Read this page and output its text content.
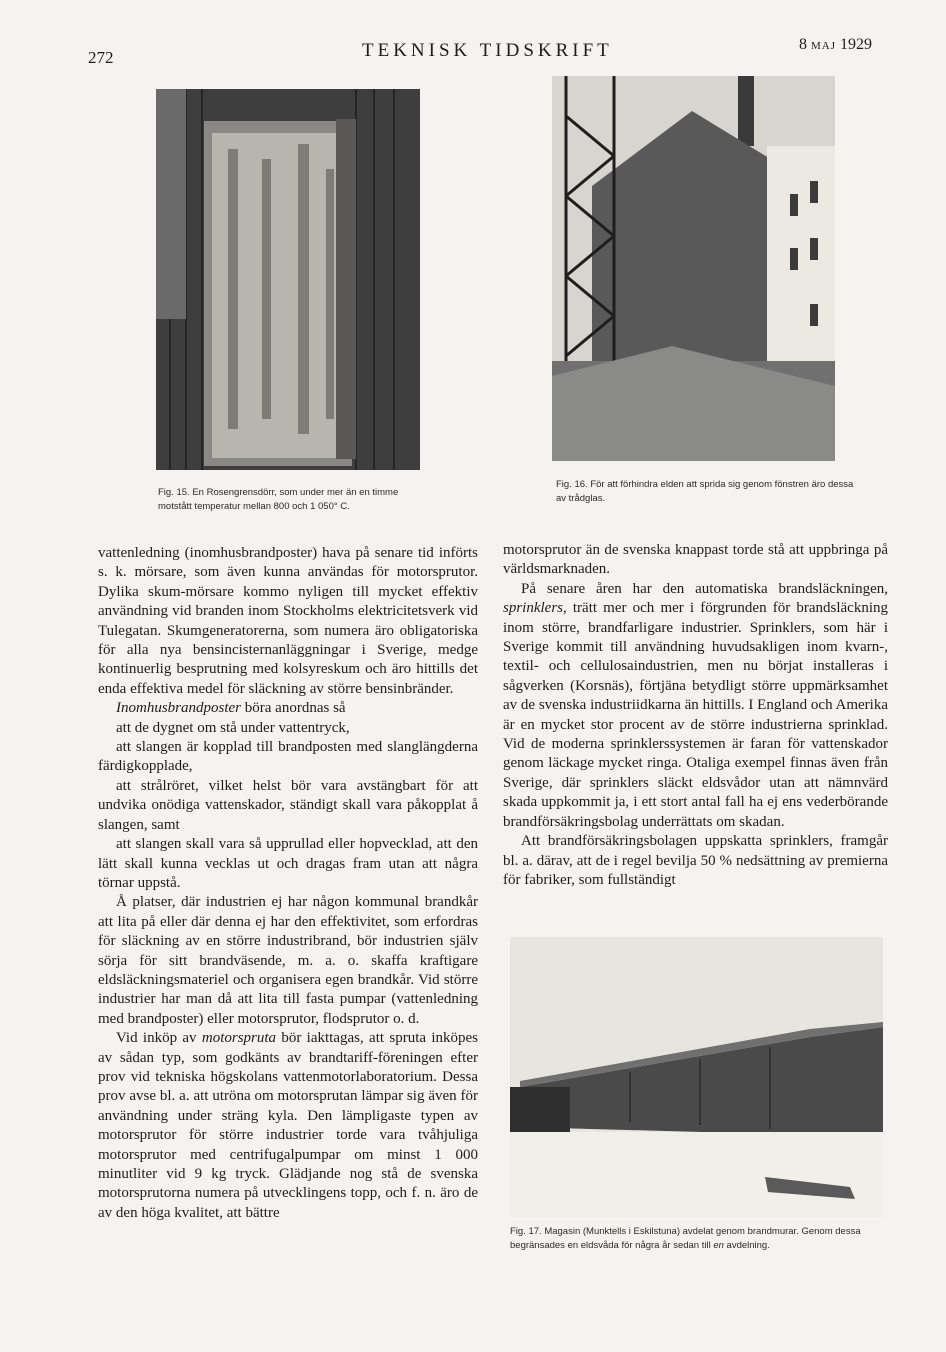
272	TEKNISK TIDSKRIFT	8 MAJ 1929
Fig. 15. En Rosengrensdörr, som under mer än en timme motstått temperatur mellan 800 och 1 050° C.
Fig. 16. För att förhindra elden att sprida sig genom fönstren äro dessa av trådglas.
Fig. 17. Magasin (Munktells i Eskilstuna) avdelat genom brandmurar. Genom dessa begränsades en eldsvåda för några år sedan till en avdelning.

vattenledning (inomhusbrandposter) hava på senare tid införts s. k. mörsare, som även kunna användas för motorsprutor. Dylika skum-mörsare kommo nyligen till mycket effektiv användning vid branden inom Stockholms elektricitetsverk vid Tulegatan. Skumgeneratorerna, som numera äro obligatoriska för alla nya bensincisternanläggningar i Sverige, medge kontinuerlig besprutning med kolsyreskum och äro hittills det enda effektiva medel för släckning av större bensinbränder.

Inomhusbrandposter böra anordnas så

att de dygnet om stå under vattentryck,

att slangen är kopplad till brandposten med slanglängderna färdigkopplade,

att strålröret, vilket helst bör vara avstängbart för att undvika onödiga vattenskador, ständigt skall vara påkopplat å slangen, samt

att slangen skall vara så upprullad eller hopvecklad, att den lätt skall kunna vecklas ut och dragas fram utan att några törnar uppstå.

Å platser, där industrien ej har någon kommunal brandkår att lita på eller där denna ej har den effektivitet, som erfordras för släckning av en större industribrand, bör industrien själv sörja för sitt brandväsende, m. a. o. skaffa kraftigare eldsläckningsmateriel och organisera egen brandkår. Vid större industrier har man då att lita till fasta pumpar (vattenledning med brandposter) eller motorsprutor, flodsprutor o. d.

Vid inköp av motorspruta bör iakttagas, att spruta inköpes av sådan typ, som godkänts av brandtariff-föreningen efter prov vid tekniska högskolans vattenmotorlaboratorium. Dessa prov avse bl. a. att utröna om motorsprutan lämpar sig även för användning under sträng kyla. Den lämpligaste typen av motorsprutor för större industrier torde vara tvåhjuliga motorsprutor med centrifugalpumpar om minst 1 000 minutliter vid 9 kg tryck. Glädjande nog stå de svenska motorsprutorna numera på utvecklingens topp, och f. n. äro de av den höga kvalitet, att bättre

motorsprutor än de svenska knappast torde stå att uppbringa på världsmarknaden.

På senare åren har den automatiska brandsläckningen, sprinklers, trätt mer och mer i förgrunden för brandsläckning inom större, brandfarligare industrier. Sprinklers, som här i Sverige kommit till användning huvudsakligen inom kvarn-, textil- och cellulosaindustrien, men nu börjat installeras i sågverken (Korsnäs), förtjäna betydligt större uppmärksamhet av de svenska industriidkarna än hittills. I England och Amerika är en mycket stor procent av de större industrierna sprinklad. Vid de moderna sprinklerssystemen är faran för vattenskador genom läckage mycket ringa. Otaliga exempel finnas även från Sverige, där sprinklers släckt eldsvådor utan att nämnvärd skada uppkommit ja, i ett stort antal fall ha ej ens vederbörande brandförsäkringsbolag underrättats om skadan.

Att brandförsäkringsbolagen uppskatta sprinklers, framgår bl. a. därav, att de i regel bevilja 50 % nedsättning av premierna för fabriker, som fullständigt
